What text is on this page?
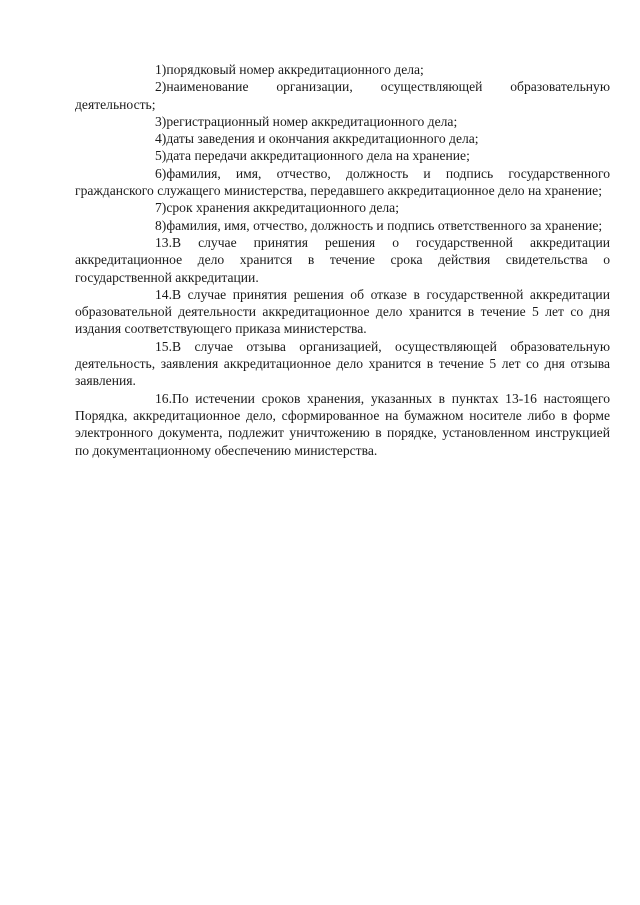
1)порядковый номер аккредитационного дела;

2)наименование организации, осуществляющей образовательную деятельность;

3)регистрационный номер аккредитационного дела;

4)даты заведения и окончания аккредитационного дела;

5)дата передачи аккредитационного дела на хранение;

6)фамилия, имя, отчество, должность и подпись государственного гражданского служащего министерства, передавшего аккредитационное дело на хранение;

7)срок хранения аккредитационного дела;

8)фамилия, имя, отчество, должность и подпись ответственного за хранение;

13.В случае принятия решения о государственной аккредитации аккредитационное дело хранится в течение срока действия свидетельства о государственной аккредитации.

14.В случае принятия решения об отказе в государственной аккредитации образовательной деятельности аккредитационное дело хранится в течение 5 лет со дня издания соответствующего приказа министерства.

15.В случае отзыва организацией, осуществляющей образовательную деятельность, заявления аккредитационное дело хранится в течение 5 лет со дня отзыва заявления.

16.По истечении сроков хранения, указанных в пунктах 13-16 настоящего Порядка, аккредитационное дело, сформированное на бумажном носителе либо в форме электронного документа, подлежит уничтожению в порядке, установленном инструкцией по документационному обеспечению министерства.
